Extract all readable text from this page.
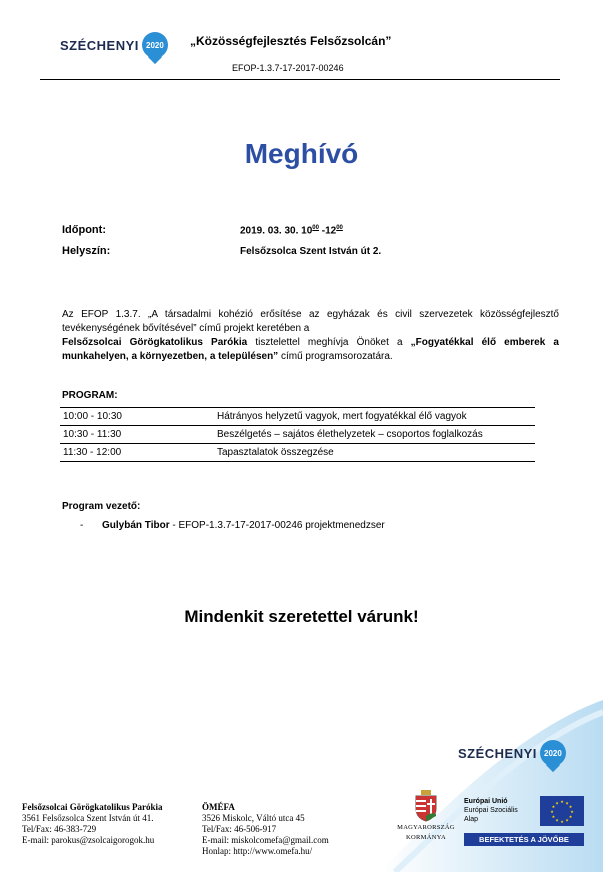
SZÉCHENYI 2020	„Közösségfejlesztés Felsőzsolcán”
EFOP-1.3.7-17-2017-00246
Meghívó
Időpont:	2019. 03. 30. $10^{00}$ $-12^{00}$
Helyszín:	Felsőzsolca Szent István út 2.
Az EFOP 1.3.7. „A társadalmi kohézió erősítése az egyházak és civil szervezetek közösségfejlesztő tevékenységének bővítésével” című projekt keretében a
Felsőzsolcai Görögkatolikus Parókia tisztelettel meghívja Önöket a „Fogyatékkal élő emberek a munkahelyen, a környezetben, a településen” című programsorozatára.
PROGRAM:
10:00 - 10:30	Hátrányos helyzetű vagyok, mert fogyatékkal élő vagyok
10:30 - 11:30	Beszélgetés – sajátos élethelyzetek – csoportos foglalkozás
11:30 - 12:00	Tapasztalatok összegzése
Program vezető:
- Gulybán Tibor - EFOP-1.3.7-17-2017-00246 projektmenedzser
Mindenkit szeretettel várunk!
SZÉCHENYI 2020
Felsőzsolcai Görögkatolikus Parókia
3561 Felsőzsolca Szent István út 41.
Tel/Fax: 46-383-729
E-mail: parokus@zsolcaigorogok.hu
ÖMÉFA
3526 Miskolc, Váltó utca 45
Tel/Fax: 46-506-917
E-mail: miskolcomefa@gmail.com
Honlap: http://www.omefa.hu/
MAGYARORSZÁG
KORMÁNYA
Európai Unió
Európai Szociális
Alap
★ ★
★
★
★
★
★
★
★
★
★
★
BEFEKTETÉS A JÖVŐBE
